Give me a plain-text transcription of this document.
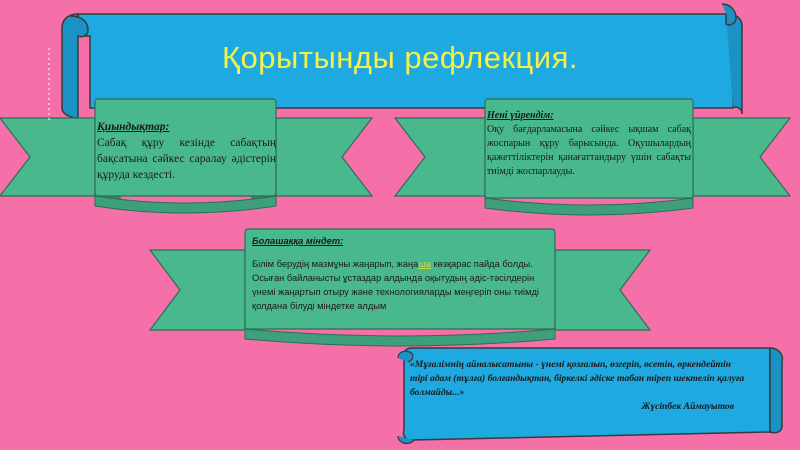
Қорытынды рефлекция.
Қиындықтар:
Сабақ құру кезінде сабақтың бақсатына сәйкес саралау әдістерін құруда кездесті.
Нені үйрендім:
Оқу бағдарламасына сәйкес ықшам сабақ жоспарын құру барысында. Оқушылардың қажеттіліктерін қанағаттандыру үшін сабақты тиімді жоспарлауды.
Болашаққа міндет:
Білім берудің мазмұны жаңарып, жаңаша көзқарас пайда болды. Осыған байланысты ұстаздар алдында оқытудың әдіс-тәсілдерін үнемі жаңартып отыру және технологияларды меңгеріп оны тиімді қолдана білуді міндетке алдым
«Мұғалімнің айналысатыны - үнемі қозғалып, өзгеріп, өсетін, өркендейтін тірі адам (тұлға) болғандықтан, біркелкі әдіске табан тіреп шектеліп қалуға болмайды...»
Жүсіпбек Аймауытов
